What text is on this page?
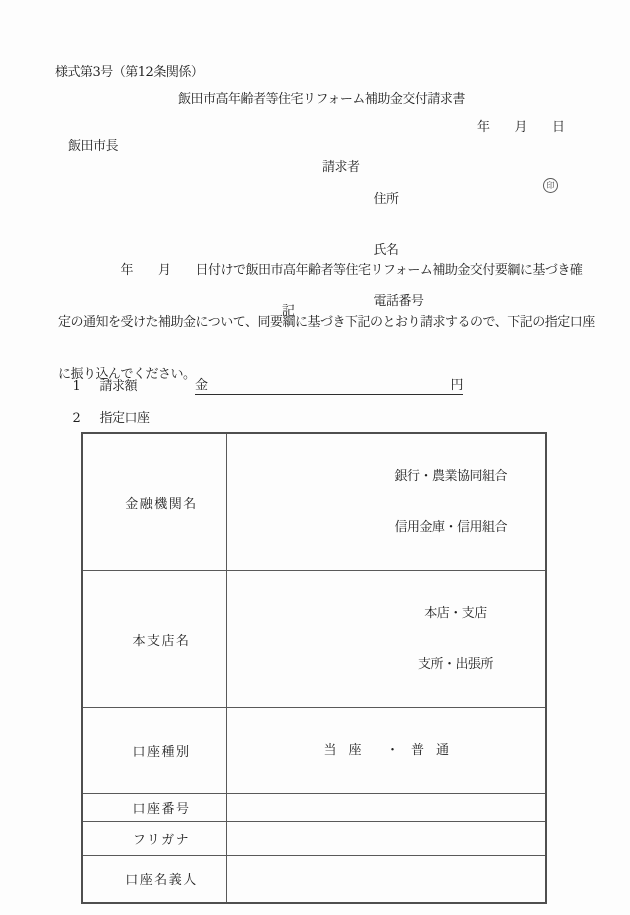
様式第3号（第12条関係）
飯田市高年齢者等住宅リフォーム補助金交付請求書
年　　月　　日
飯田市長
請求者

住所

氏名

電話番号

印

　　　　　年　　月　　日付けで飯田市高年齢者等住宅リフォーム補助金交付要綱に基づき確

定の通知を受けた補助金について、同要綱に基づき下記のとおり請求するので、下記の指定口座

に振り込んでください。

記

1 請求額	金	円

2 指定口座

金融機関名	銀行・農業協同組合

信用金庫・信用組合

本支店名	本店・支店

支所・出張所

口座種別	当　座　　・　普　通

口座番号	
フリガナ	
口座名義人	
